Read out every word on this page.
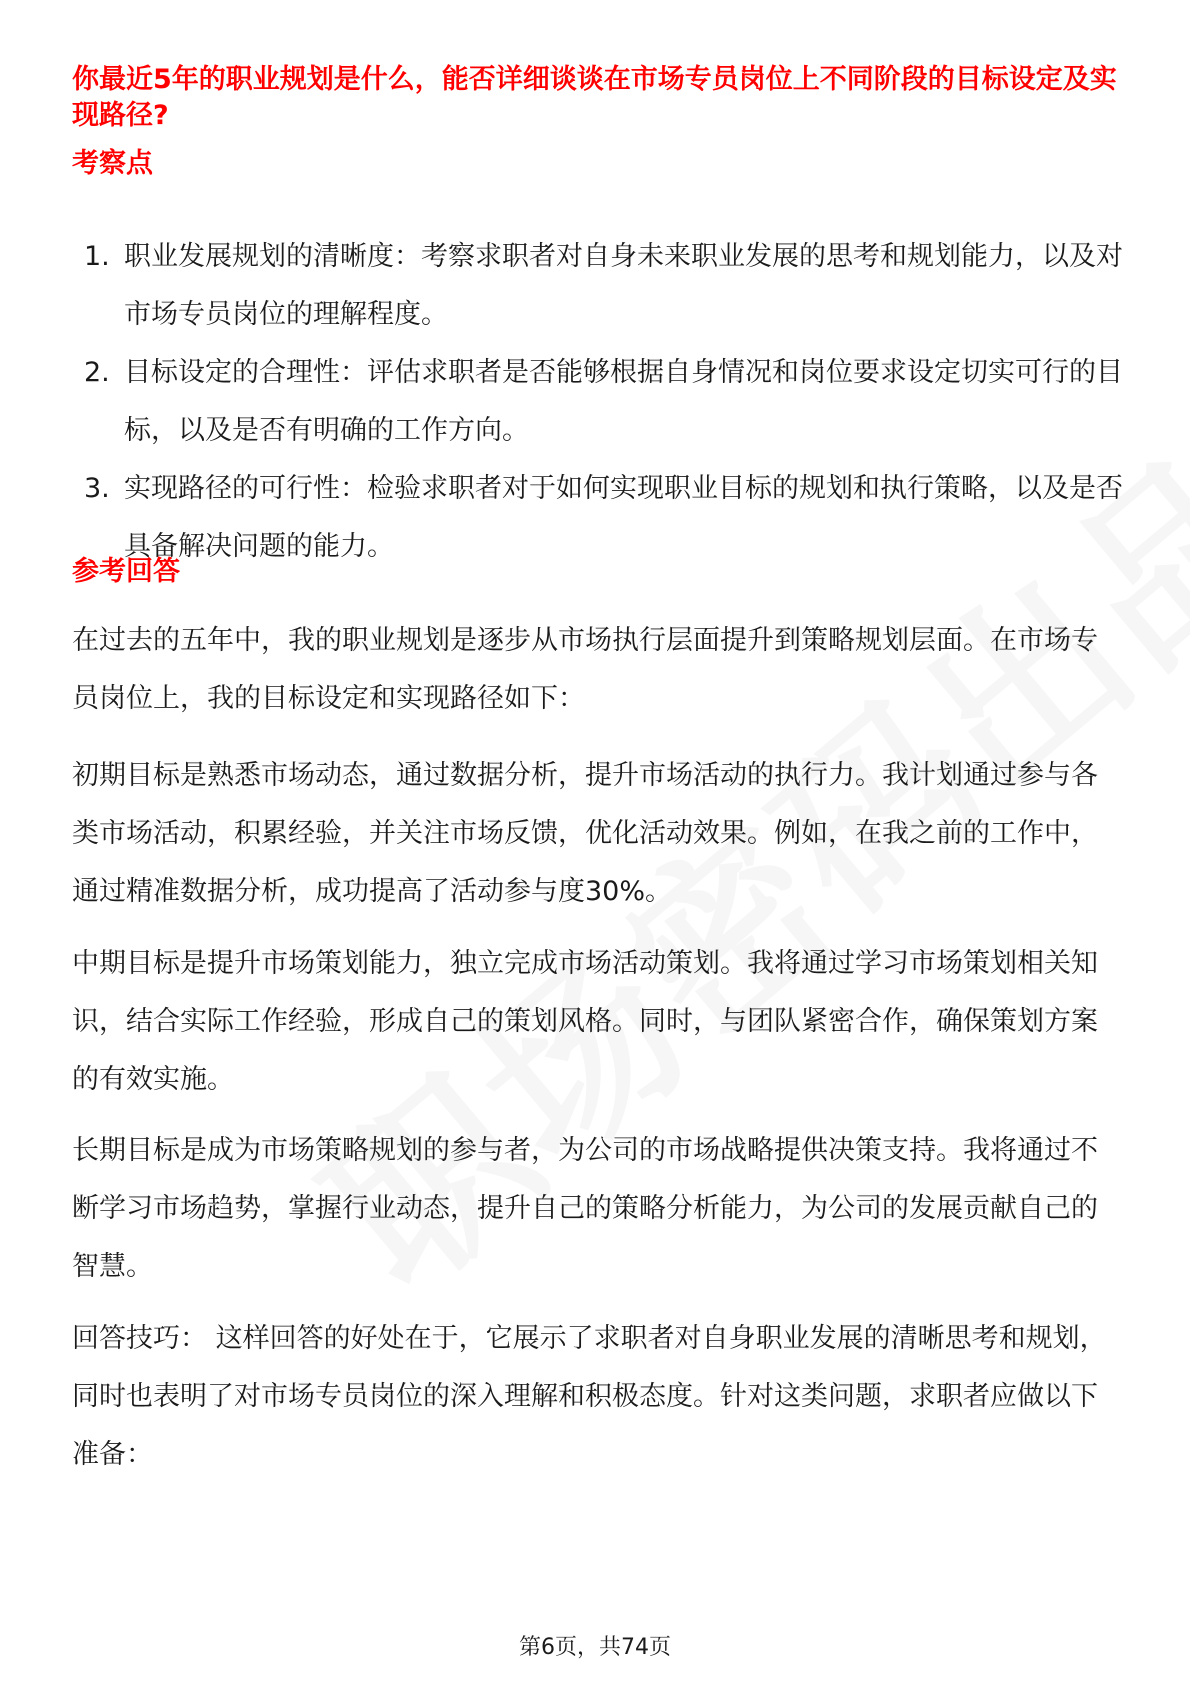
你最近5年的职业规划是什么，能否详细谈谈在市场专员岗位上不同阶段的目标设定及实现路径?
考察点
1. 职业发展规划的清晰度：考察求职者对自身未来职业发展的思考和规划能力，以及对市场专员岗位的理解程度。
2. 目标设定的合理性：评估求职者是否能够根据自身情况和岗位要求设定切实可行的目标，以及是否有明确的工作方向。
3. 实现路径的可行性：检验求职者对于如何实现职业目标的规划和执行策略，以及是否具备解决问题的能力。
参考回答

在过去的五年中，我的职业规划是逐步从市场执行层面提升到策略规划层面。在市场专员岗位上，我的目标设定和实现路径如下：

初期目标是熟悉市场动态，通过数据分析，提升市场活动的执行力。我计划通过参与各类市场活动，积累经验，并关注市场反馈，优化活动效果。例如，在我之前的工作中，通过精准数据分析，成功提高了活动参与度30%。

中期目标是提升市场策划能力，独立完成市场活动策划。我将通过学习市场策划相关知识，结合实际工作经验，形成自己的策划风格。同时，与团队紧密合作，确保策划方案的有效实施。

长期目标是成为市场策略规划的参与者，为公司的市场战略提供决策支持。我将通过不断学习市场趋势，掌握行业动态，提升自己的策略分析能力，为公司的发展贡献自己的智慧。

回答技巧： 这样回答的好处在于，它展示了求职者对自身职业发展的清晰思考和规划，同时也表明了对市场专员岗位的深入理解和积极态度。针对这类问题，求职者应做以下准备：

第6页，共74页
